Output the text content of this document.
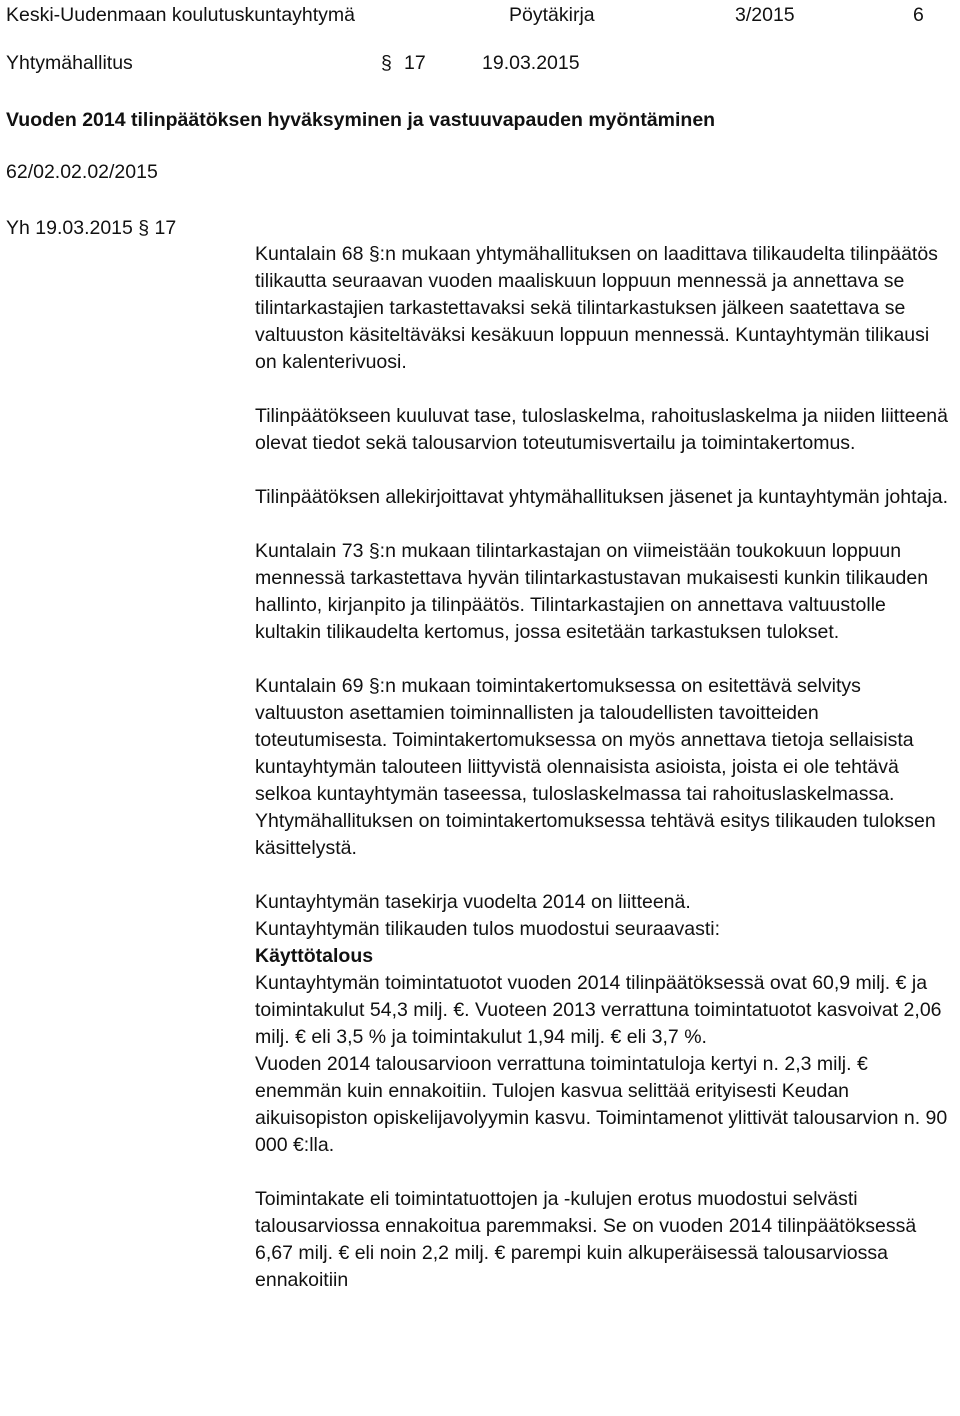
Keski-Uudenmaan koulutuskuntayhtymä	Pöytäkirja	3/2015	6
Yhtymähallitus	§ 17	19.03.2015
Vuoden 2014 tilinpäätöksen hyväksyminen ja vastuuvapauden myöntäminen
62/02.02.02/2015
Yh 19.03.2015 § 17

Kuntalain 68 §:n mukaan yhtymähallituksen on laadittava tilikaudelta tilinpäätös tilikautta seuraavan vuoden maaliskuun loppuun mennessä ja annettava se tilintarkastajien tarkastettavaksi sekä tilintarkastuksen jälkeen saatettava se valtuuston käsiteltäväksi kesäkuun loppuun mennessä. Kuntayhtymän tilikausi on kalenterivuosi.

Tilinpäätökseen kuuluvat tase, tuloslaskelma, rahoituslaskelma ja niiden liitteenä olevat tiedot sekä talousarvion toteutumisvertailu ja toimintakertomus.

Tilinpäätöksen allekirjoittavat yhtymähallituksen jäsenet ja kuntayhtymän johtaja.

Kuntalain 73 §:n mukaan tilintarkastajan on viimeistään toukokuun loppuun mennessä tarkastettava hyvän tilintarkastustavan mukaisesti kunkin tilikauden hallinto, kirjanpito ja tilinpäätös. Tilintarkastajien on annettava valtuustolle kultakin tilikaudelta kertomus, jossa esitetään tarkastuksen tulokset.

Kuntalain 69 §:n mukaan toimintakertomuksessa on esitettävä selvitys valtuuston asettamien toiminnallisten ja taloudellisten tavoitteiden toteutumisesta. Toimintakertomuksessa on myös annettava tietoja sellaisista kuntayhtymän talouteen liittyvistä olennaisista asioista, joista ei ole tehtävä selkoa kuntayhtymän taseessa, tuloslaskelmassa tai rahoituslaskelmassa.

Yhtymähallituksen on toimintakertomuksessa tehtävä esitys tilikauden tuloksen käsittelystä.

Kuntayhtymän tasekirja vuodelta 2014 on liitteenä.

Kuntayhtymän tilikauden tulos muodostui seuraavasti:

Käyttötalous

Kuntayhtymän toimintatuotot vuoden 2014 tilinpäätöksessä ovat 60,9 milj. € ja toimintakulut 54,3 milj. €. Vuoteen 2013 verrattuna toimintatuotot kasvoivat 2,06 milj. € eli 3,5 % ja toimintakulut 1,94 milj. € eli 3,7 %.

Vuoden 2014 talousarvioon verrattuna toimintatuloja kertyi n. 2,3 milj. € enemmän kuin ennakoitiin. Tulojen kasvua selittää erityisesti Keudan aikuisopiston opiskelijavolyymin kasvu. Toimintamenot ylittivät talousarvion n. 90 000 €:lla.

Toimintakate eli toimintatuottojen ja -kulujen erotus muodostui selvästi talousarviossa ennakoitua paremmaksi. Se on vuoden 2014 tilinpäätöksessä 6,67 milj. € eli noin 2,2 milj. € parempi kuin alkuperäisessä talousarviossa ennakoitiin
